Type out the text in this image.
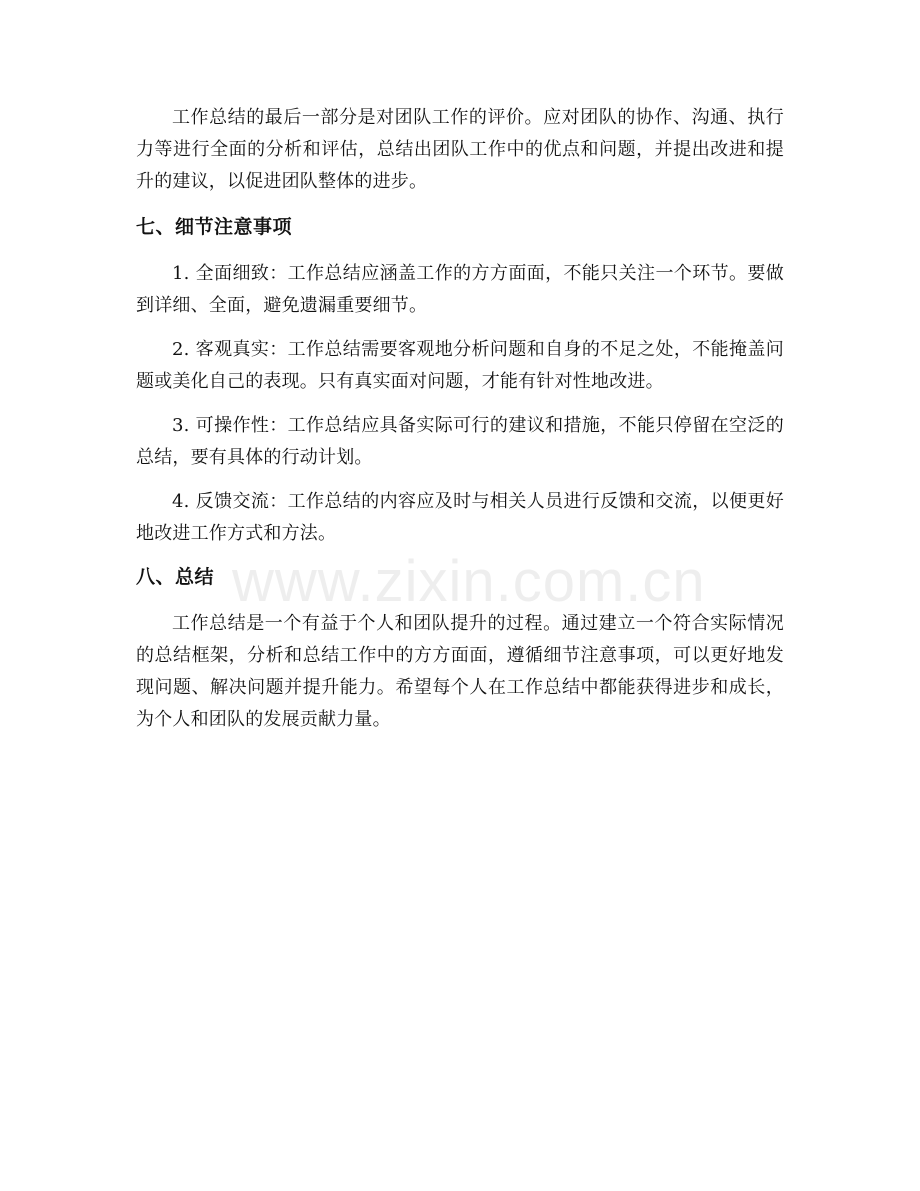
工作总结的最后一部分是对团队工作的评价。应对团队的协作、沟通、执行力等进行全面的分析和评估，总结出团队工作中的优点和问题，并提出改进和提升的建议，以促进团队整体的进步。

七、细节注意事项

1. 全面细致：工作总结应涵盖工作的方方面面，不能只关注一个环节。要做到详细、全面，避免遗漏重要细节。

2. 客观真实：工作总结需要客观地分析问题和自身的不足之处，不能掩盖问题或美化自己的表现。只有真实面对问题，才能有针对性地改进。

3. 可操作性：工作总结应具备实际可行的建议和措施，不能只停留在空泛的总结，要有具体的行动计划。

4. 反馈交流：工作总结的内容应及时与相关人员进行反馈和交流，以便更好地改进工作方式和方法。

八、总结

工作总结是一个有益于个人和团队提升的过程。通过建立一个符合实际情况的总结框架，分析和总结工作中的方方面面，遵循细节注意事项，可以更好地发现问题、解决问题并提升能力。希望每个人在工作总结中都能获得进步和成长，为个人和团队的发展贡献力量。

www.zixin.com.cn
